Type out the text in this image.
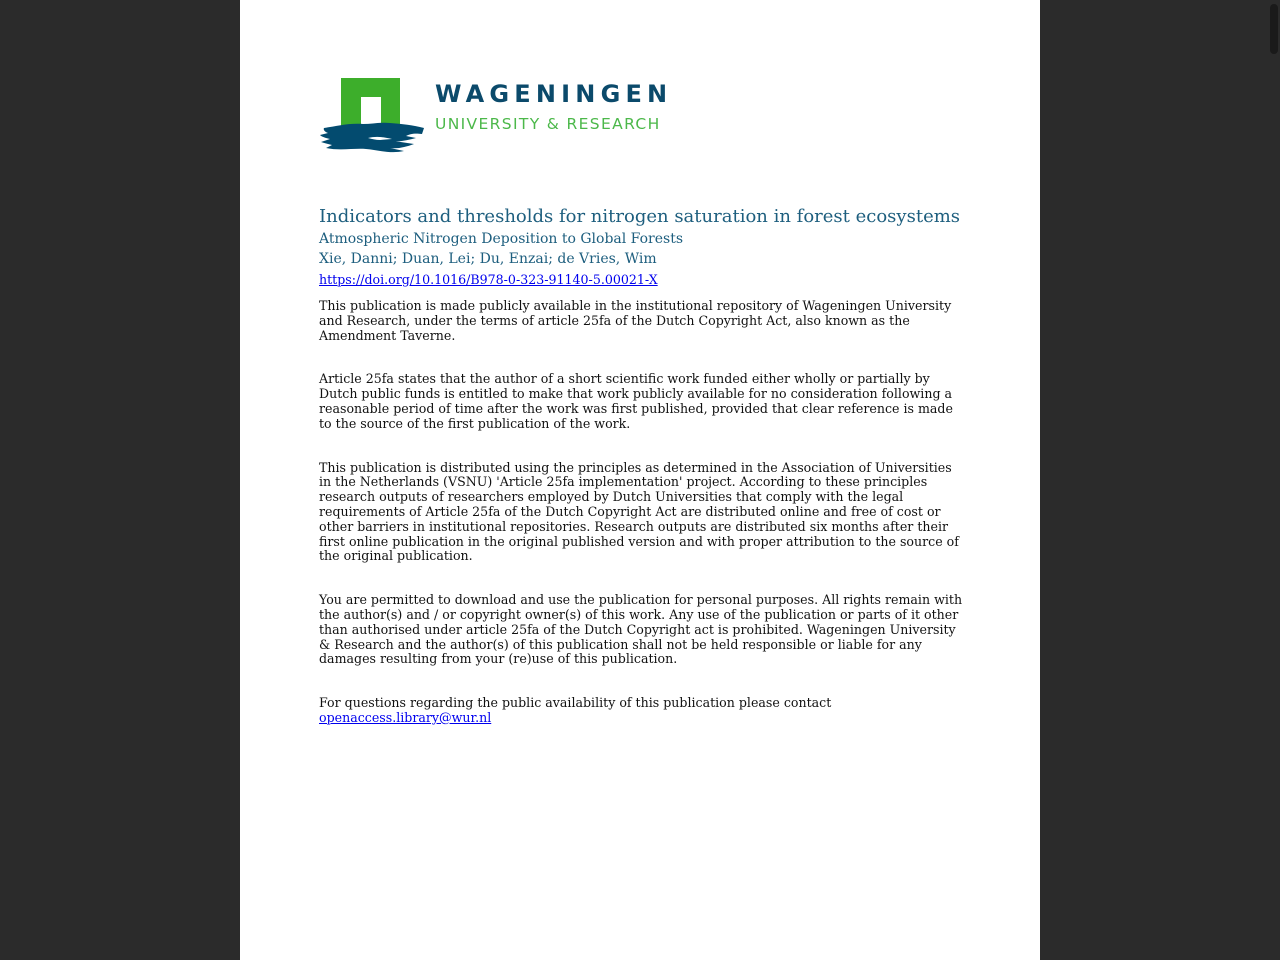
WAGENINGEN
UNIVERSITY & RESEARCH
Indicators and thresholds for nitrogen saturation in forest ecosystems

Atmospheric Nitrogen Deposition to Global Forests

Xie, Danni; Duan, Lei; Du, Enzai; de Vries, Wim

https://doi.org/10.1016/B978-0-323-91140-5.00021-X

This publication is made publicly available in the institutional repository of Wageningen University and Research, under the terms of article 25fa of the Dutch Copyright Act, also known as the Amendment Taverne.

Article 25fa states that the author of a short scientific work funded either wholly or partially by Dutch public funds is entitled to make that work publicly available for no consideration following a reasonable period of time after the work was first published, provided that clear reference is made to the source of the first publication of the work.

This publication is distributed using the principles as determined in the Association of Universities in the Netherlands (VSNU) 'Article 25fa implementation' project. According to these principles research outputs of researchers employed by Dutch Universities that comply with the legal requirements of Article 25fa of the Dutch Copyright Act are distributed online and free of cost or other barriers in institutional repositories. Research outputs are distributed six months after their first online publication in the original published version and with proper attribution to the source of the original publication.

You are permitted to download and use the publication for personal purposes. All rights remain with the author(s) and / or copyright owner(s) of this work. Any use of the publication or parts of it other than authorised under article 25fa of the Dutch Copyright act is prohibited. Wageningen University & Research and the author(s) of this publication shall not be held responsible or liable for any damages resulting from your (re)use of this publication.

For questions regarding the public availability of this publication please contact
openaccess.library@wur.nl
